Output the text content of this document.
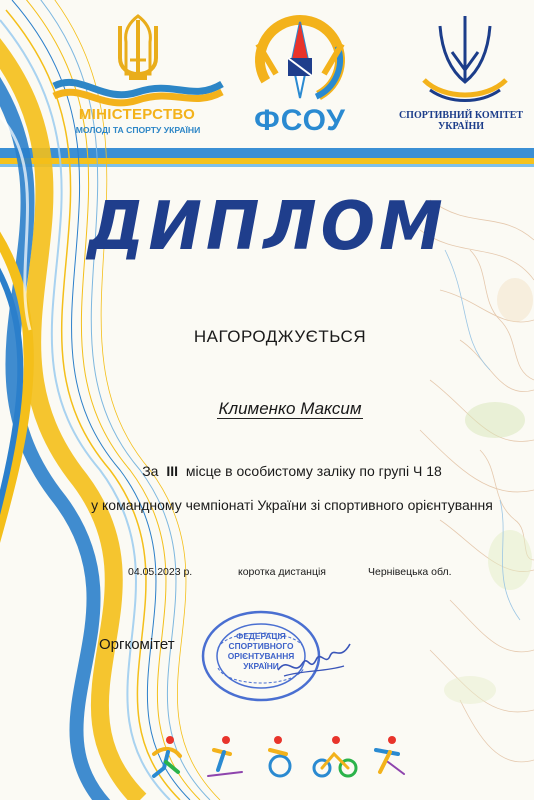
МІНІСТЕРСТВО
МОЛОДІ ТА СПОРТУ УКРАЇНИ	ФСОУ	СПОРТИВНИЙ КОМІТЕТ
УКРАЇНИ
ДИПЛОМ
НАГОРОДЖУЄТЬСЯ
Клименко Максим
За III місце в особистому заліку по групі Ч 18
у командному чемпіонаті України зі спортивного орієнтування
04.05.2023 р.	коротка дистанція	Чернівецька обл.
Оргкомітет	ФЕДЕРАЦІЯ
СПОРТИВНОГО
ОРІЄНТУВАННЯ
УКРАЇНИ
